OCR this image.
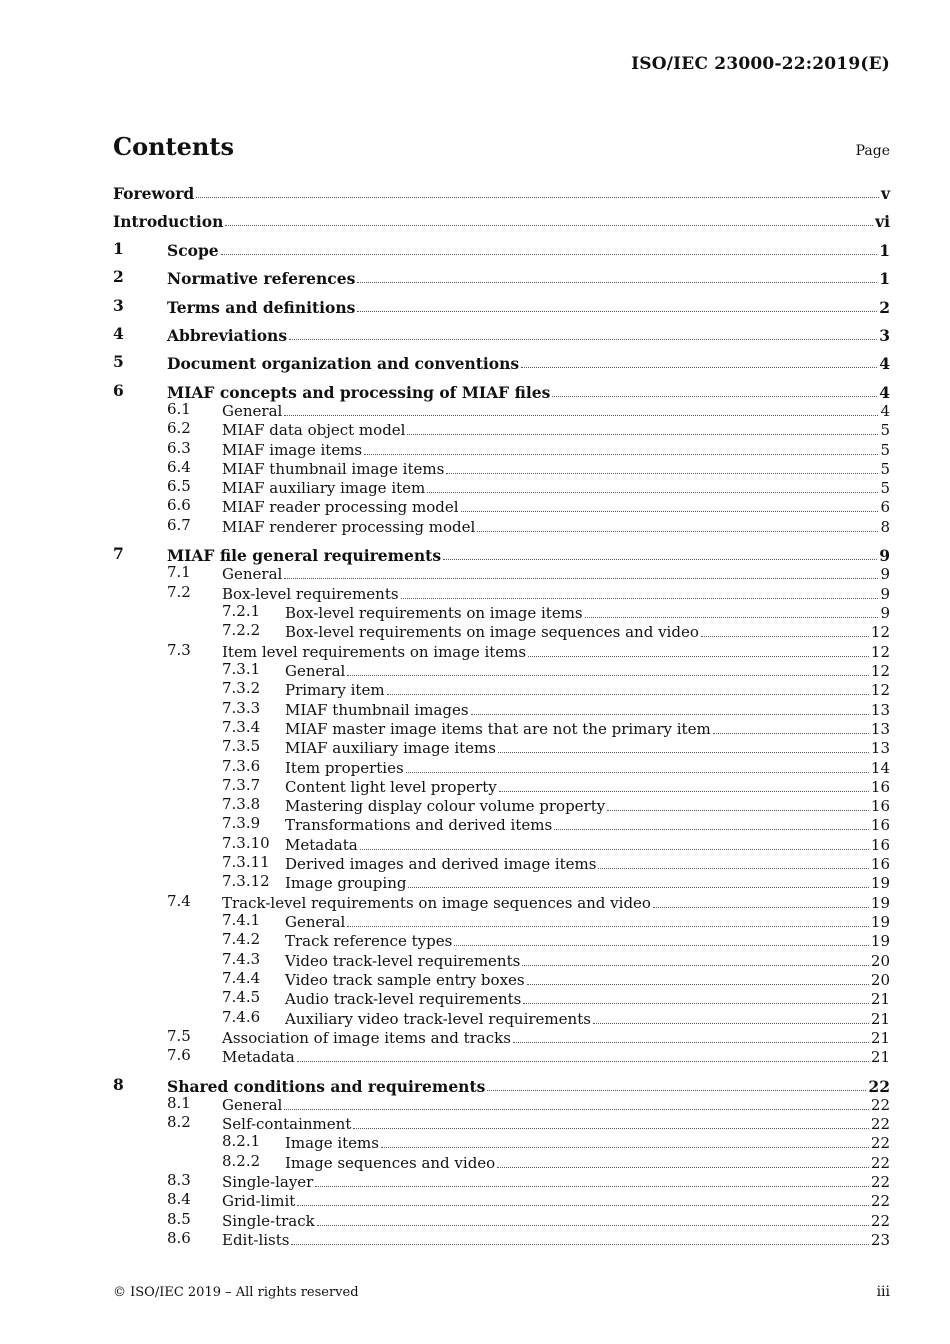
ISO/IEC 23000-22:2019(E)
Contents	Page
Foreword	v
Introduction	vi
1	Scope	1
2	Normative references	1
3	Terms and definitions	2
4	Abbreviations	3
5	Document organization and conventions	4
6	MIAF concepts and processing of MIAF files	4
6.1 General	4
6.2 MIAF data object model	5
6.3 MIAF image items	5
6.4 MIAF thumbnail image items	5
6.5 MIAF auxiliary image item	5
6.6 MIAF reader processing model	6
6.7 MIAF renderer processing model	8
7	MIAF file general requirements	9
7.1 General	9
7.2 Box-level requirements	9
7.2.1 Box-level requirements on image items	9
7.2.2 Box-level requirements on image sequences and video	12
7.3 Item level requirements on image items	12
7.3.1 General	12
7.3.2 Primary item	12
7.3.3 MIAF thumbnail images	13
7.3.4 MIAF master image items that are not the primary item	13
7.3.5 MIAF auxiliary image items	13
7.3.6 Item properties	14
7.3.7 Content light level property	16
7.3.8 Mastering display colour volume property	16
7.3.9 Transformations and derived items	16
7.3.10 Metadata	16
7.3.11 Derived images and derived image items	16
7.3.12 Image grouping	19
7.4 Track-level requirements on image sequences and video	19
7.4.1 General	19
7.4.2 Track reference types	19
7.4.3 Video track-level requirements	20
7.4.4 Video track sample entry boxes	20
7.4.5 Audio track-level requirements	21
7.4.6 Auxiliary video track-level requirements	21
7.5 Association of image items and tracks	21
7.6 Metadata	21
8	Shared conditions and requirements	22
8.1 General	22
8.2 Self-containment	22
8.2.1 Image items	22
8.2.2 Image sequences and video	22
8.3 Single-layer	22
8.4 Grid-limit	22
8.5 Single-track	22
8.6 Edit-lists	23
© ISO/IEC 2019 – All rights reserved	iii
